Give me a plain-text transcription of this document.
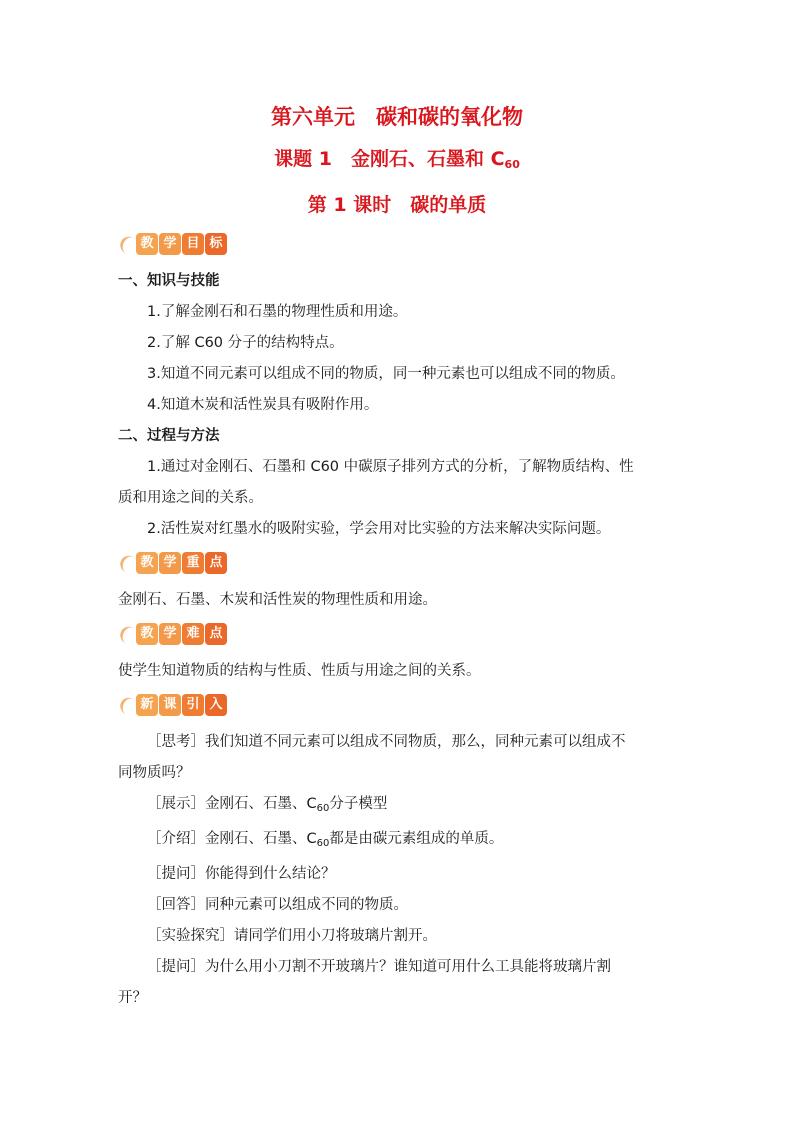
第六单元　碳和碳的氧化物

课题 1　金刚石、石墨和 $C_{60}$

第 1 课时　碳的单质

教 学 目 标

一、知识与技能

1.了解金刚石和石墨的物理性质和用途。

2.了解 C60 分子的结构特点。

3.知道不同元素可以组成不同的物质，同一种元素也可以组成不同的物质。

4.知道木炭和活性炭具有吸附作用。

二、过程与方法

1.通过对金刚石、石墨和 C60 中碳原子排列方式的分析，了解物质结构、性

质和用途之间的关系。

2.活性炭对红墨水的吸附实验，学会用对比实验的方法来解决实际问题。

教 学 重 点

金刚石、石墨、木炭和活性炭的物理性质和用途。

教 学 难 点

使学生知道物质的结构与性质、性质与用途之间的关系。

新 课 引 入

［思考］我们知道不同元素可以组成不同物质，那么，同种元素可以组成不

同物质吗？

［展示］金刚石、石墨、$C_{60}$分子模型

［介绍］金刚石、石墨、$C_{60}$都是由碳元素组成的单质。

［提问］你能得到什么结论？

［回答］同种元素可以组成不同的物质。

［实验探究］请同学们用小刀将玻璃片割开。

［提问］为什么用小刀割不开玻璃片？谁知道可用什么工具能将玻璃片割

开？
